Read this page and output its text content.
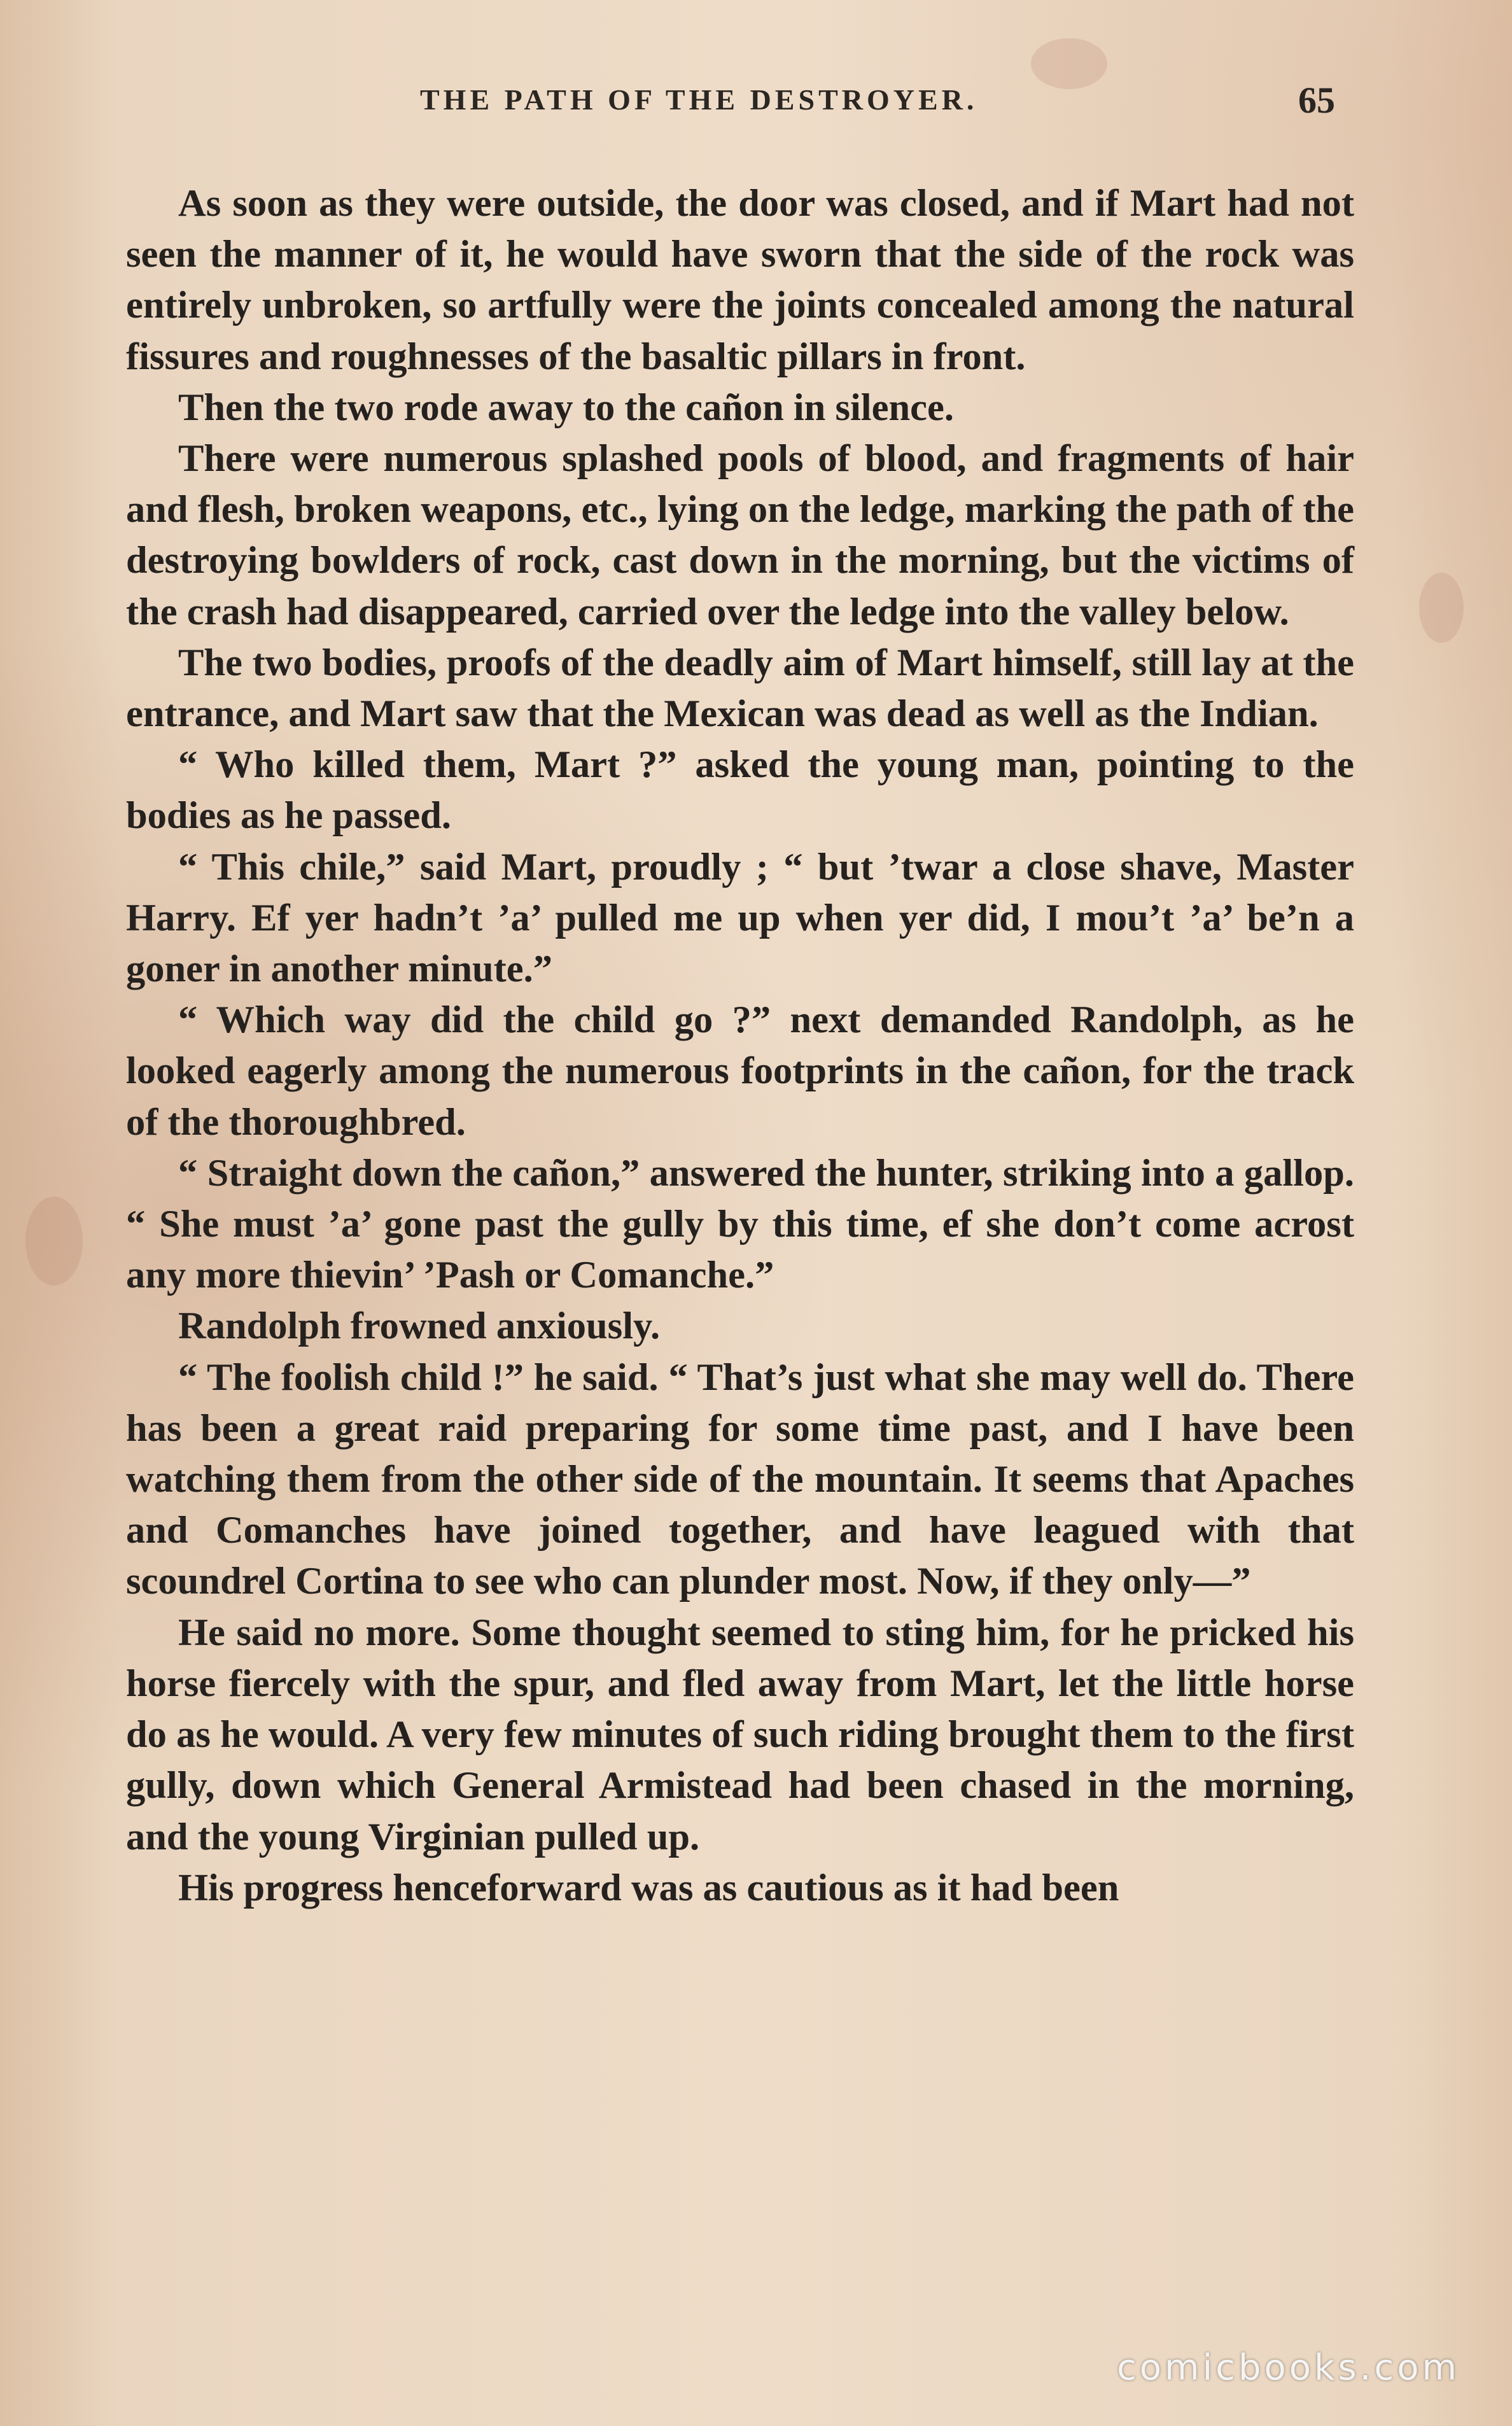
THE PATH OF THE DESTROYER.	65

As soon as they were outside, the door was closed, and if Mart had not seen the manner of it, he would have sworn that the side of the rock was entirely unbroken, so artfully were the joints concealed among the natural fissures and roughnesses of the basaltic pillars in front.

Then the two rode away to the cañon in silence.

There were numerous splashed pools of blood, and fragments of hair and flesh, broken weapons, etc., lying on the ledge, marking the path of the destroying bowlders of rock, cast down in the morning, but the victims of the crash had disappeared, carried over the ledge into the valley below.

The two bodies, proofs of the deadly aim of Mart himself, still lay at the entrance, and Mart saw that the Mexican was dead as well as the Indian.

“ Who killed them, Mart ?” asked the young man, pointing to the bodies as he passed.

“ This chile,” said Mart, proudly ; “ but ’twar a close shave, Master Harry. Ef yer hadn’t ’a’ pulled me up when yer did, I mou’t ’a’ be’n a goner in another minute.”

“ Which way did the child go ?” next demanded Randolph, as he looked eagerly among the numerous footprints in the cañon, for the track of the thoroughbred.

“ Straight down the cañon,” answered the hunter, striking into a gallop. “ She must ’a’ gone past the gully by this time, ef she don’t come acrost any more thievin’ ’Pash or Comanche.”

Randolph frowned anxiously.

“ The foolish child !” he said. “ That’s just what she may well do. There has been a great raid preparing for some time past, and I have been watching them from the other side of the mountain. It seems that Apaches and Comanches have joined together, and have leagued with that scoundrel Cortina to see who can plunder most. Now, if they only—”

He said no more. Some thought seemed to sting him, for he pricked his horse fiercely with the spur, and fled away from Mart, let the little horse do as he would. A very few minutes of such riding brought them to the first gully, down which General Armistead had been chased in the morning, and the young Virginian pulled up.

His progress henceforward was as cautious as it had been

comicbooks.com
